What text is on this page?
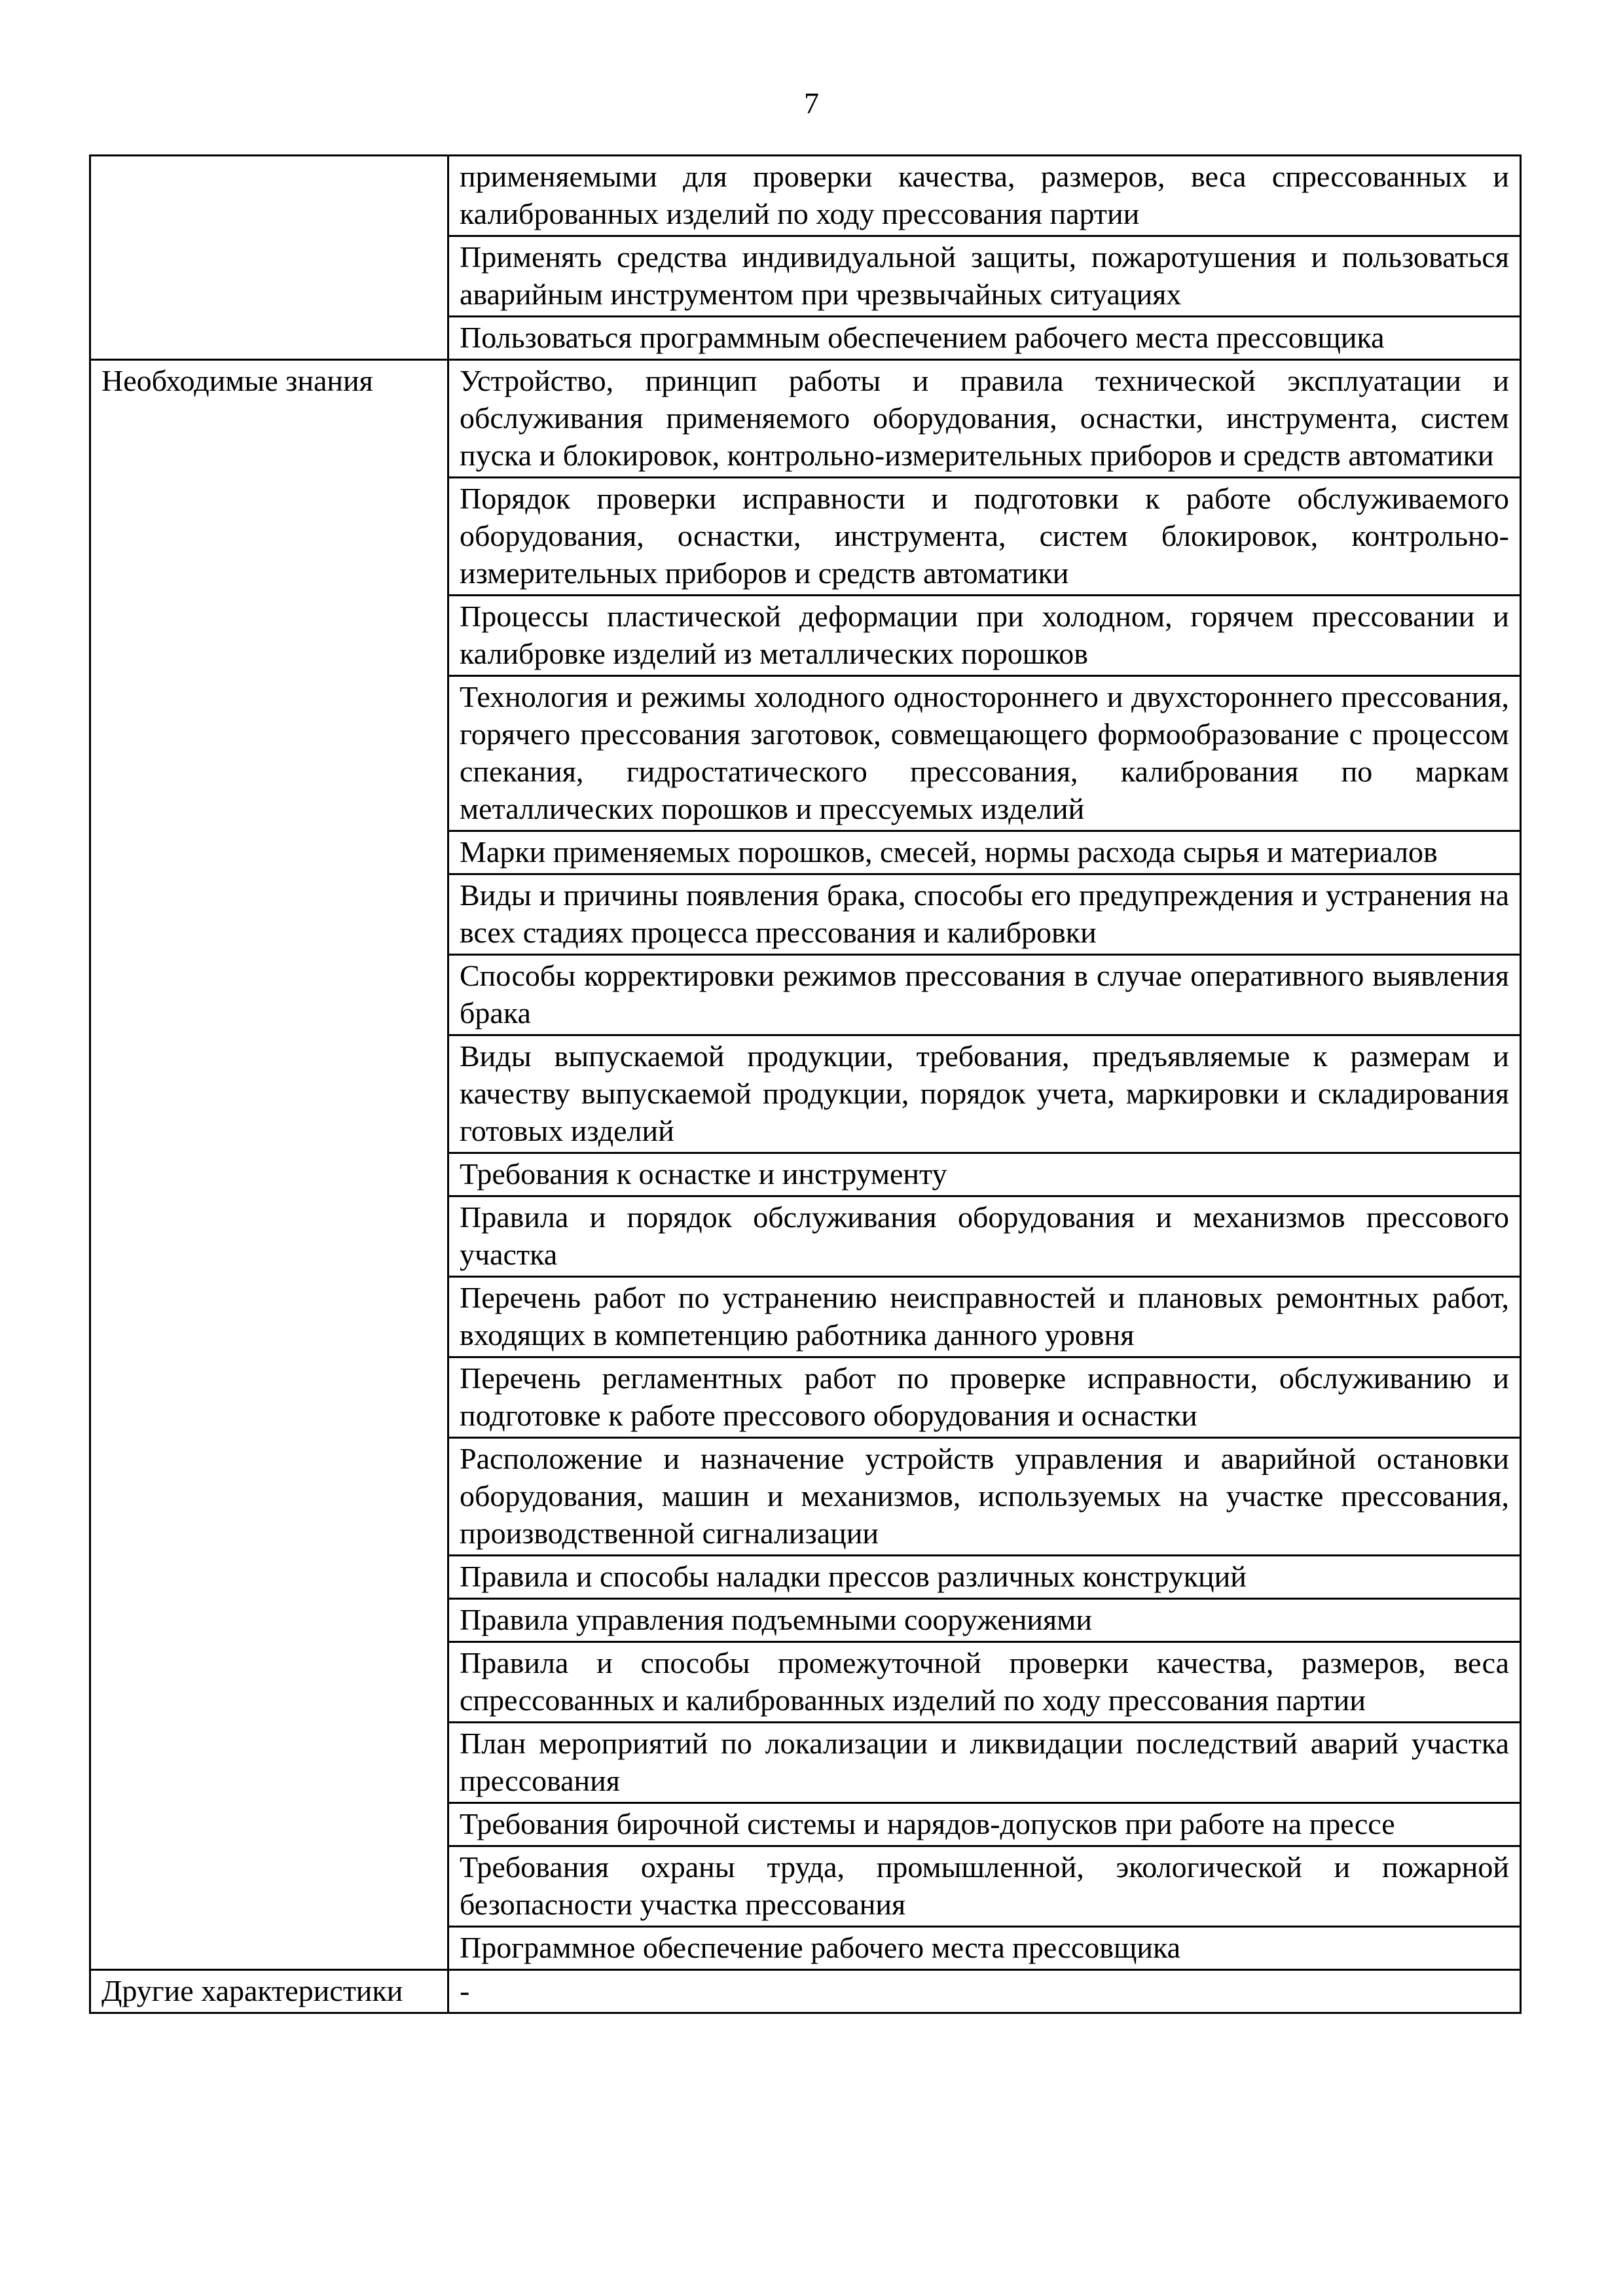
7
	применяемыми для проверки качества, размеров, веса спрессованных и калиброванных изделий по ходу прессования партии
	Применять средства индивидуальной защиты, пожаротушения и пользоваться аварийным инструментом при чрезвычайных ситуациях
	Пользоваться программным обеспечением рабочего места прессовщика
Необходимые знания	Устройство, принцип работы и правила технической эксплуатации и обслуживания применяемого оборудования, оснастки, инструмента, систем пуска и блокировок, контрольно-измерительных приборов и средств автоматики
	Порядок проверки исправности и подготовки к работе обслуживаемого оборудования, оснастки, инструмента, систем блокировок, контрольно-измерительных приборов и средств автоматики
	Процессы пластической деформации при холодном, горячем прессовании и калибровке изделий из металлических порошков
	Технология и режимы холодного одностороннего и двухстороннего прессования, горячего прессования заготовок, совмещающего формообразование с процессом спекания, гидростатического прессования, калибрования по маркам металлических порошков и прессуемых изделий
	Марки применяемых порошков, смесей, нормы расхода сырья и материалов
	Виды и причины появления брака, способы его предупреждения и устранения на всех стадиях процесса прессования и калибровки
	Способы корректировки режимов прессования в случае оперативного выявления брака
	Виды выпускаемой продукции, требования, предъявляемые к размерам и качеству выпускаемой продукции, порядок учета, маркировки и складирования готовых изделий
	Требования к оснастке и инструменту
	Правила и порядок обслуживания оборудования и механизмов прессового участка
	Перечень работ по устранению неисправностей и плановых ремонтных работ, входящих в компетенцию работника данного уровня
	Перечень регламентных работ по проверке исправности, обслуживанию и подготовке к работе прессового оборудования и оснастки
	Расположение и назначение устройств управления и аварийной остановки оборудования, машин и механизмов, используемых на участке прессования, производственной сигнализации
	Правила и способы наладки прессов различных конструкций
	Правила управления подъемными сооружениями
	Правила и способы промежуточной проверки качества, размеров, веса спрессованных и калиброванных изделий по ходу прессования партии
	План мероприятий по локализации и ликвидации последствий аварий участка прессования
	Требования бирочной системы и нарядов-допусков при работе на прессе
	Требования охраны труда, промышленной, экологической и пожарной безопасности участка прессования
	Программное обеспечение рабочего места прессовщика
Другие характеристики	-
